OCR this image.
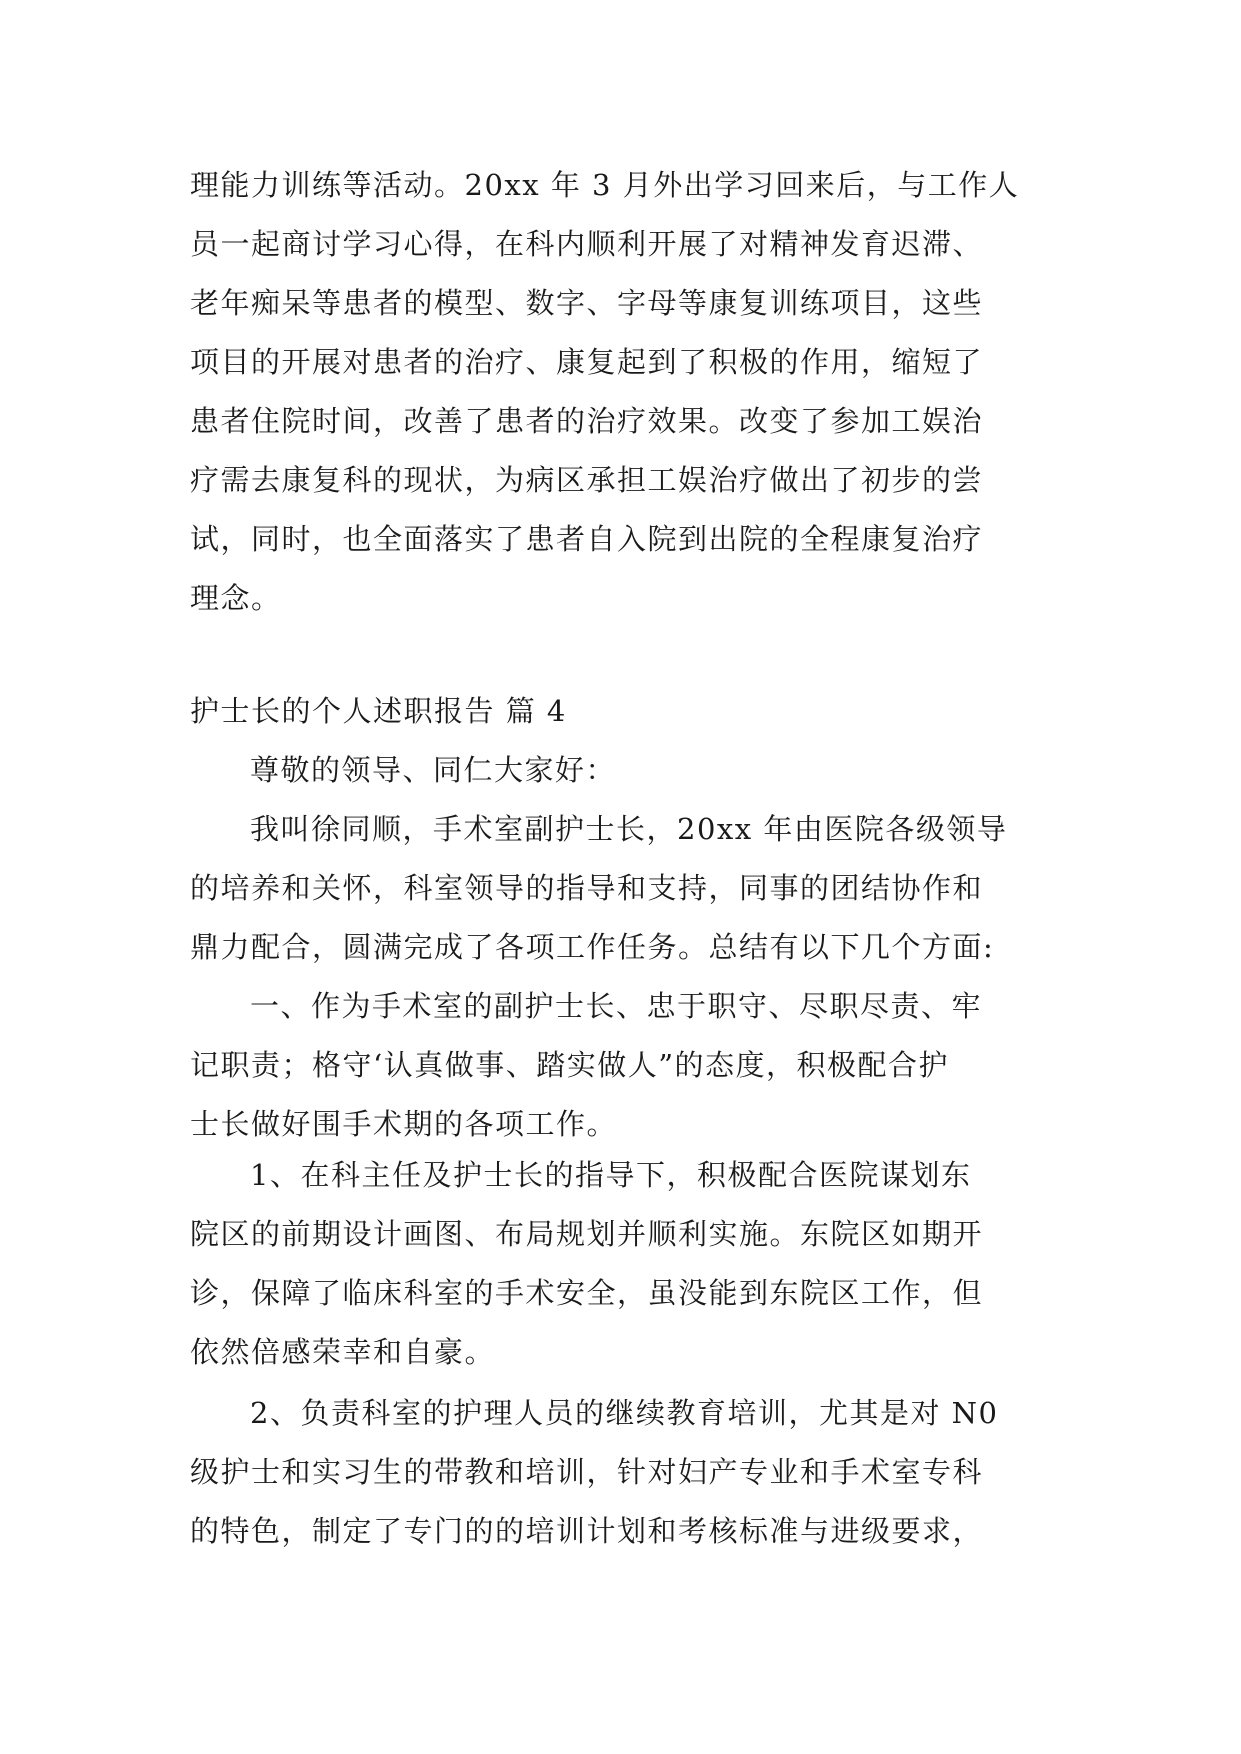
理能力训练等活动。20xx 年 3 月外出学习回来后，与工作人
员一起商讨学习心得，在科内顺利开展了对精神发育迟滞、
老年痴呆等患者的模型、数字、字母等康复训练项目，这些
项目的开展对患者的治疗、康复起到了积极的作用，缩短了
患者住院时间，改善了患者的治疗效果。改变了参加工娱治
疗需去康复科的现状，为病区承担工娱治疗做出了初步的尝
试，同时，也全面落实了患者自入院到出院的全程康复治疗
理念。
护士长的个人述职报告 篇 4
尊敬的领导、同仁大家好：
我叫徐同顺，手术室副护士长，20xx 年由医院各级领导
的培养和关怀，科室领导的指导和支持，同事的团结协作和
鼎力配合，圆满完成了各项工作任务。总结有以下几个方面:
一、作为手术室的副护士长、忠于职守、尽职尽责、牢
记职责；格守‘认真做事、踏实做人”的态度，积极配合护
士长做好围手术期的各项工作。
1、在科主任及护士长的指导下，积极配合医院谋划东
院区的前期设计画图、布局规划并顺利实施。东院区如期开
诊，保障了临床科室的手术安全，虽没能到东院区工作，但
依然倍感荣幸和自豪。
2、负责科室的护理人员的继续教育培训，尤其是对 N0
级护士和实习生的带教和培训，针对妇产专业和手术室专科
的特色，制定了专门的的培训计划和考核标准与进级要求，
